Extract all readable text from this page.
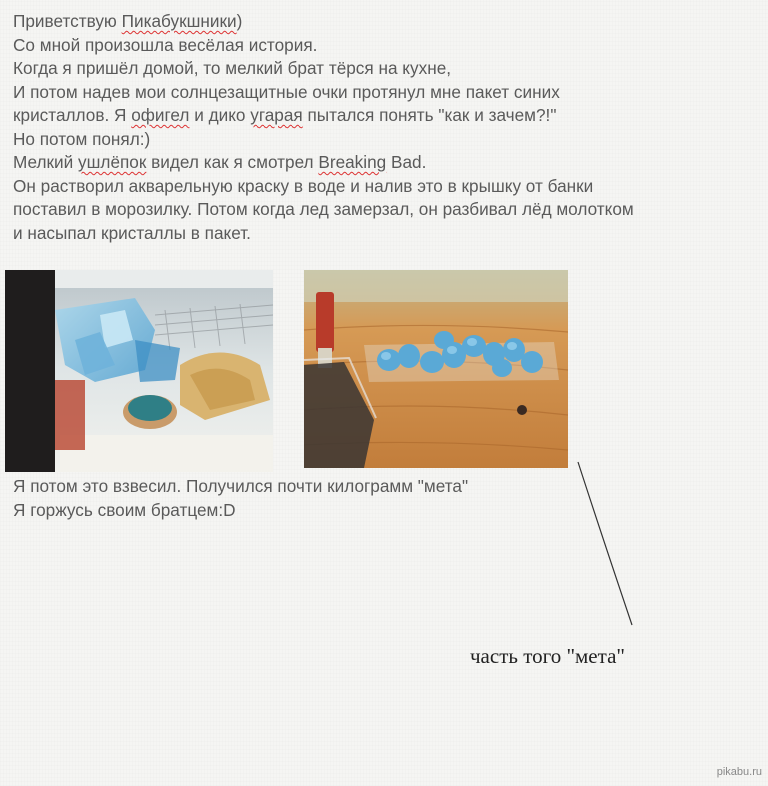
Приветствую Пикабукшники)
Со мной произошла весёлая история.
Когда я пришёл домой, то мелкий брат тёрся на кухне,
И потом надев мои солнцезащитные очки протянул мне пакет синих
кристаллов. Я офигел и дико угарая пытался понять "как и зачем?!"
Но потом понял:)
Мелкий ушлёпок видел как я смотрел Breaking Bad.
Он растворил акварельную краску в воде и налив это в крышку от банки
поставил в морозилку. Потом когда лед замерзал, он разбивал лёд молотком
и насыпал кристаллы в пакет.
Я потом это взвесил. Получился почти килограмм "мета"
Я горжусь своим братцем:D
часть того "мета"
pikabu.ru
